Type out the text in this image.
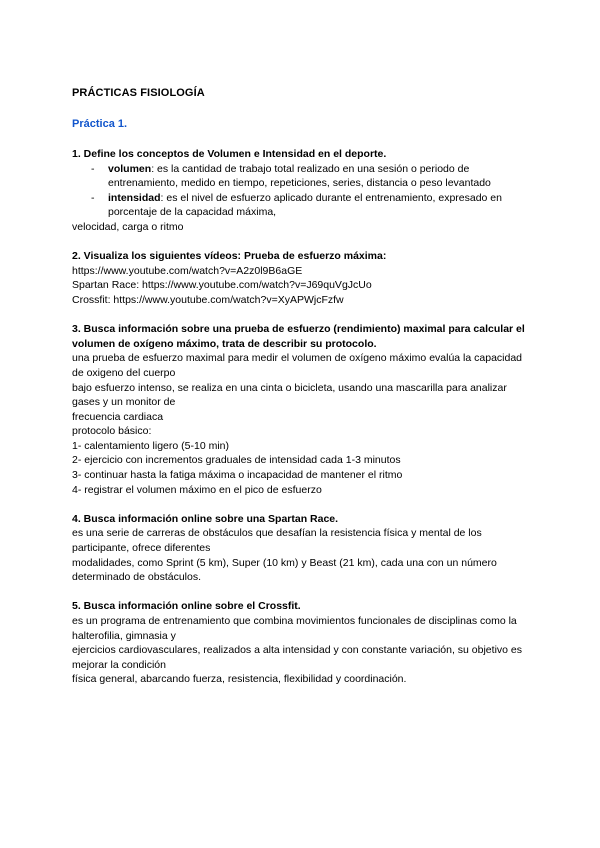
PRÁCTICAS FISIOLOGÍA
Práctica 1.

1. Define los conceptos de Volumen e Intensidad en el deporte.

- volumen: es la cantidad de trabajo total realizado en una sesión o periodo de entrenamiento, medido en tiempo, repeticiones, series, distancia o peso levantado
- intensidad: es el nivel de esfuerzo aplicado durante el entrenamiento, expresado en porcentaje de la capacidad máxima,

velocidad, carga o ritmo

2. Visualiza los siguientes vídeos: Prueba de esfuerzo máxima:

https://www.youtube.com/watch?v=A2z0l9B6aGE

Spartan Race: https://www.youtube.com/watch?v=J69quVgJcUo

Crossfit: https://www.youtube.com/watch?v=XyAPWjcFzfw

3. Busca información sobre una prueba de esfuerzo (rendimiento) maximal para calcular el volumen de oxígeno máximo, trata de describir su protocolo.

una prueba de esfuerzo maximal para medir el volumen de oxígeno máximo evalúa la capacidad de oxigeno del cuerpo

bajo esfuerzo intenso, se realiza en una cinta o bicicleta, usando una mascarilla para analizar gases y un monitor de

frecuencia cardiaca

protocolo básico:

1- calentamiento ligero (5-10 min)

2- ejercicio con incrementos graduales de intensidad cada 1-3 minutos

3- continuar hasta la fatiga máxima o incapacidad de mantener el ritmo

4- registrar el volumen máximo en el pico de esfuerzo

4. Busca información online sobre una Spartan Race.

es una serie de carreras de obstáculos que desafían la resistencia física y mental de los participante, ofrece diferentes

modalidades, como Sprint (5 km), Super (10 km) y Beast (21 km), cada una con un número determinado de obstáculos.

5. Busca información online sobre el Crossfit.

es un programa de entrenamiento que combina movimientos funcionales de disciplinas como la halterofilia, gimnasia y

ejercicios cardiovasculares, realizados a alta intensidad y con constante variación, su objetivo es mejorar la condición

física general, abarcando fuerza, resistencia, flexibilidad y coordinación.
